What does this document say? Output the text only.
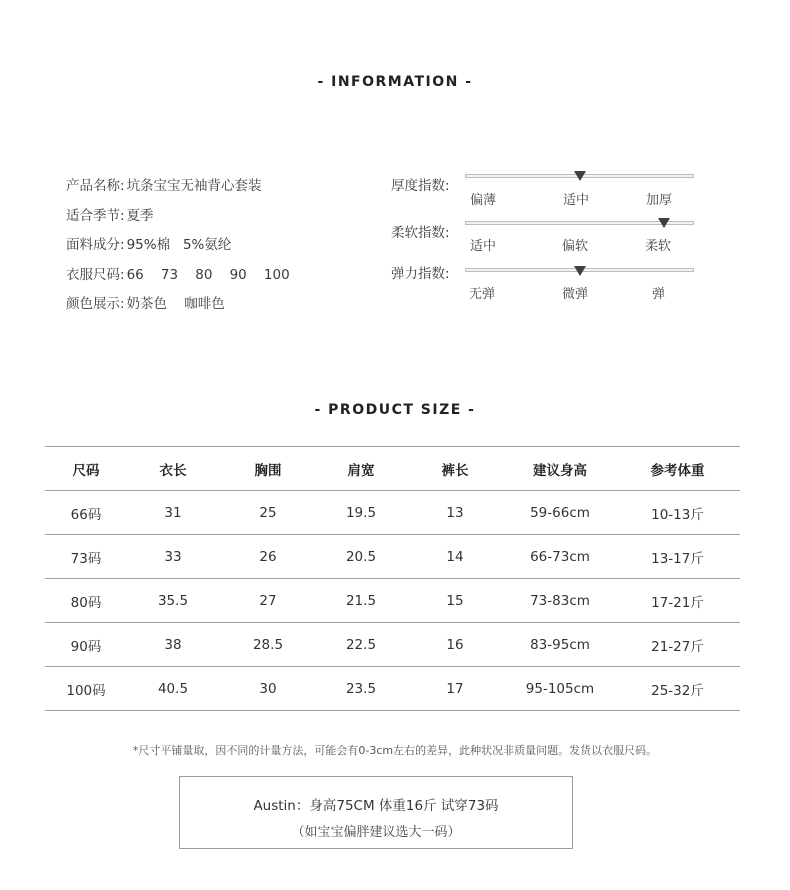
- INFORMATION -
产品名称: 坑条宝宝无袖背心套装
适合季节: 夏季
面料成分: 95%棉   5%氨纶
衣服尺码: 66    73    80    90    100
颜色展示: 奶茶色    咖啡色
厚度指数:
偏薄	适中	加厚
柔软指数:
适中	偏软	柔软
弹力指数:
无弹	微弹	弹
- PRODUCT SIZE -
尺码	衣长	胸围	肩宽	裤长	建议身高	参考体重
66码	31	25	19.5	13	59-66cm	10-13斤
73码	33	26	20.5	14	66-73cm	13-17斤
80码	35.5	27	21.5	15	73-83cm	17-21斤
90码	38	28.5	22.5	16	83-95cm	21-27斤
100码	40.5	30	23.5	17	95-105cm	25-32斤
*尺寸平铺量取，因不同的计量方法，可能会有0-3cm左右的差异，此种状况非质量问题。发货以衣服尺码。
Austin：身高75CM 体重16斤 试穿73码
（如宝宝偏胖建议选大一码）
